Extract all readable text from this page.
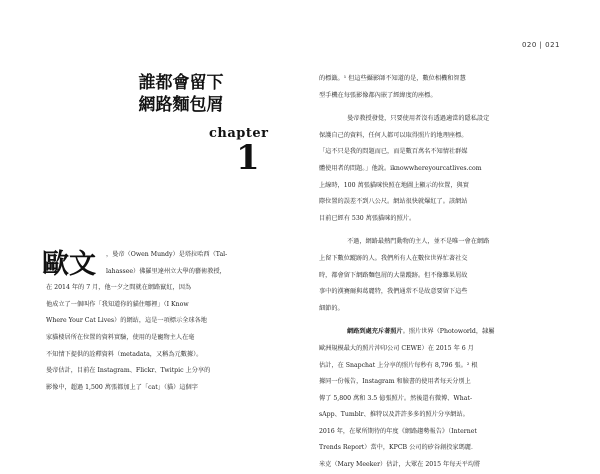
020 | 021
誰都會留下
網路麵包屑
chapter
1
歐文	，曼帝（Owen Mundy）是塔拉哈西（Tal-
lahassee）佛羅里達州立大學的藝術教授，
在 2014 年的 7 月，他一夕之間就在網路竄紅，因為
他成立了一個叫作「我知道你的貓住哪裡」（I Know
Where Your Cat Lives）的網站，這是一項標示全球各地
家貓棲居所在位置的資料實驗，使用的是寵物主人在毫
不知情下提供的詮釋資料（metadata，又稱為元數據）。
曼帝估計，目前在 Instagram、Flickr、Twitpic 上分享的
影像中，超過 1,500 萬張都加上了「cat」（貓）這個字
的標籤。¹ 但這些攝影師不知道的是，數位相機和智慧
型手機在每張影像都內嵌了經緯度的座標。
曼帝教授發覺，只要使用者沒有透過適當的隱私設定
保護自己的資料，任何人都可以取得照片的地理座標。
「這不只是我的問題而已，而是數百萬名不知情社群媒
體使用者的問題。」他說。iknowwhereyourcatlives.com
上線時，100 萬張貓咪快照在地圖上顯示的位置，與實
際位置的誤差不到八公尺。網站很快就爆紅了。該網站
目前已經有 530 萬張貓咪的照片。
不過，網路最熱門動物的主人，並不是唯一會在網路
上留下數位蹤跡的人。我們所有人在數位世界忙著社交
時，都會留下網路麵包屑的大量蹤跡。但不像難果屑故
事中的漢賽爾與葛麗特，我們通常不是故意要留下這些
細節的。
網路到處充斥著照片。照片世界（Photoworld，隸屬
歐洲規模最大的照片沖印公司 CEWE）在 2015 年 6 月
估計，在 Snapchat 上分享的照片每秒有 8,796 張。² 根
據同一份報告，Instagram 和臉書的使用者每天分別上
傳了 5,800 萬和 3.5 億張照片。然後還有微博、What-
sApp、Tumblr、推特以及許許多多的照片分享網站。
2016 年，在眾所期待的年度《網路趨勢報告》（Internet
Trends Report）當中，KPCB 公司的矽谷創投家瑪麗．
米克（Mary Meeker）估計，大眾在 2015 年每天平均將
